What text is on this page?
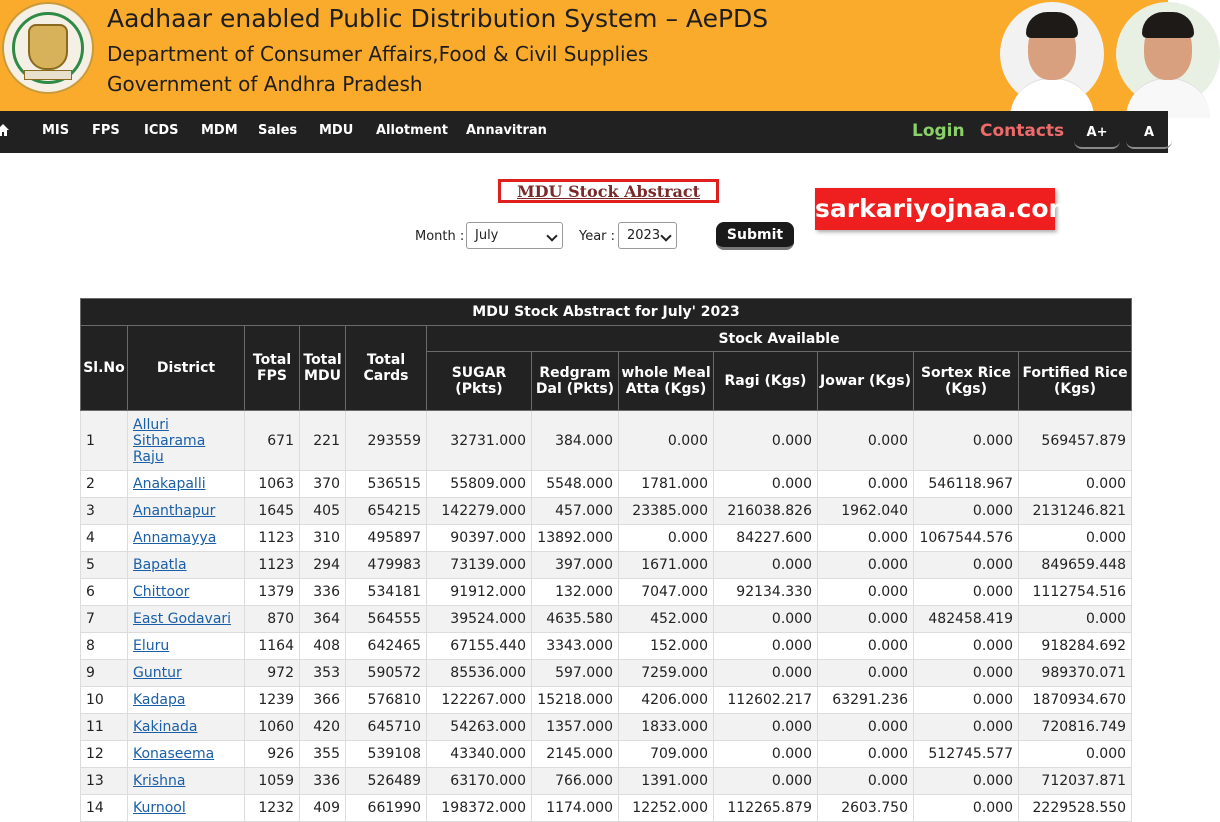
Aadhaar enabled Public Distribution System – AePDS
Department of Consumer Affairs,Food & Civil Supplies
Government of Andhra Pradesh
MIS FPS ICDS MDM Sales MDU Allotment Annavitran	Login Contacts	A+	A
MDU Stock Abstract
sarkariyojnaa.com
Month : July	Year : 2023	Submit
MDU Stock Abstract for July' 2023											
Sl.No	District	Total FPS	Total MDU	Total Cards	Stock Available						
					SUGAR (Pkts)	Redgram Dal (Pkts)	whole Meal Atta (Kgs)	Ragi (Kgs)	Jowar (Kgs)	Sortex Rice (Kgs)	Fortified Rice (Kgs)
1	Alluri Sitharama Raju	671	221	293559	32731.000	384.000	0.000	0.000	0.000	0.000	569457.879
2	Anakapalli	1063	370	536515	55809.000	5548.000	1781.000	0.000	0.000	546118.967	0.000
3	Ananthapur	1645	405	654215	142279.000	457.000	23385.000	216038.826	1962.040	0.000	2131246.821
4	Annamayya	1123	310	495897	90397.000	13892.000	0.000	84227.600	0.000	1067544.576	0.000
5	Bapatla	1123	294	479983	73139.000	397.000	1671.000	0.000	0.000	0.000	849659.448
6	Chittoor	1379	336	534181	91912.000	132.000	7047.000	92134.330	0.000	0.000	1112754.516
7	East Godavari	870	364	564555	39524.000	4635.580	452.000	0.000	0.000	482458.419	0.000
8	Eluru	1164	408	642465	67155.440	3343.000	152.000	0.000	0.000	0.000	918284.692
9	Guntur	972	353	590572	85536.000	597.000	7259.000	0.000	0.000	0.000	989370.071
10	Kadapa	1239	366	576810	122267.000	15218.000	4206.000	112602.217	63291.236	0.000	1870934.670
11	Kakinada	1060	420	645710	54263.000	1357.000	1833.000	0.000	0.000	0.000	720816.749
12	Konaseema	926	355	539108	43340.000	2145.000	709.000	0.000	0.000	512745.577	0.000
13	Krishna	1059	336	526489	63170.000	766.000	1391.000	0.000	0.000	0.000	712037.871
14	Kurnool	1232	409	661990	198372.000	1174.000	12252.000	112265.879	2603.750	0.000	2229528.550
